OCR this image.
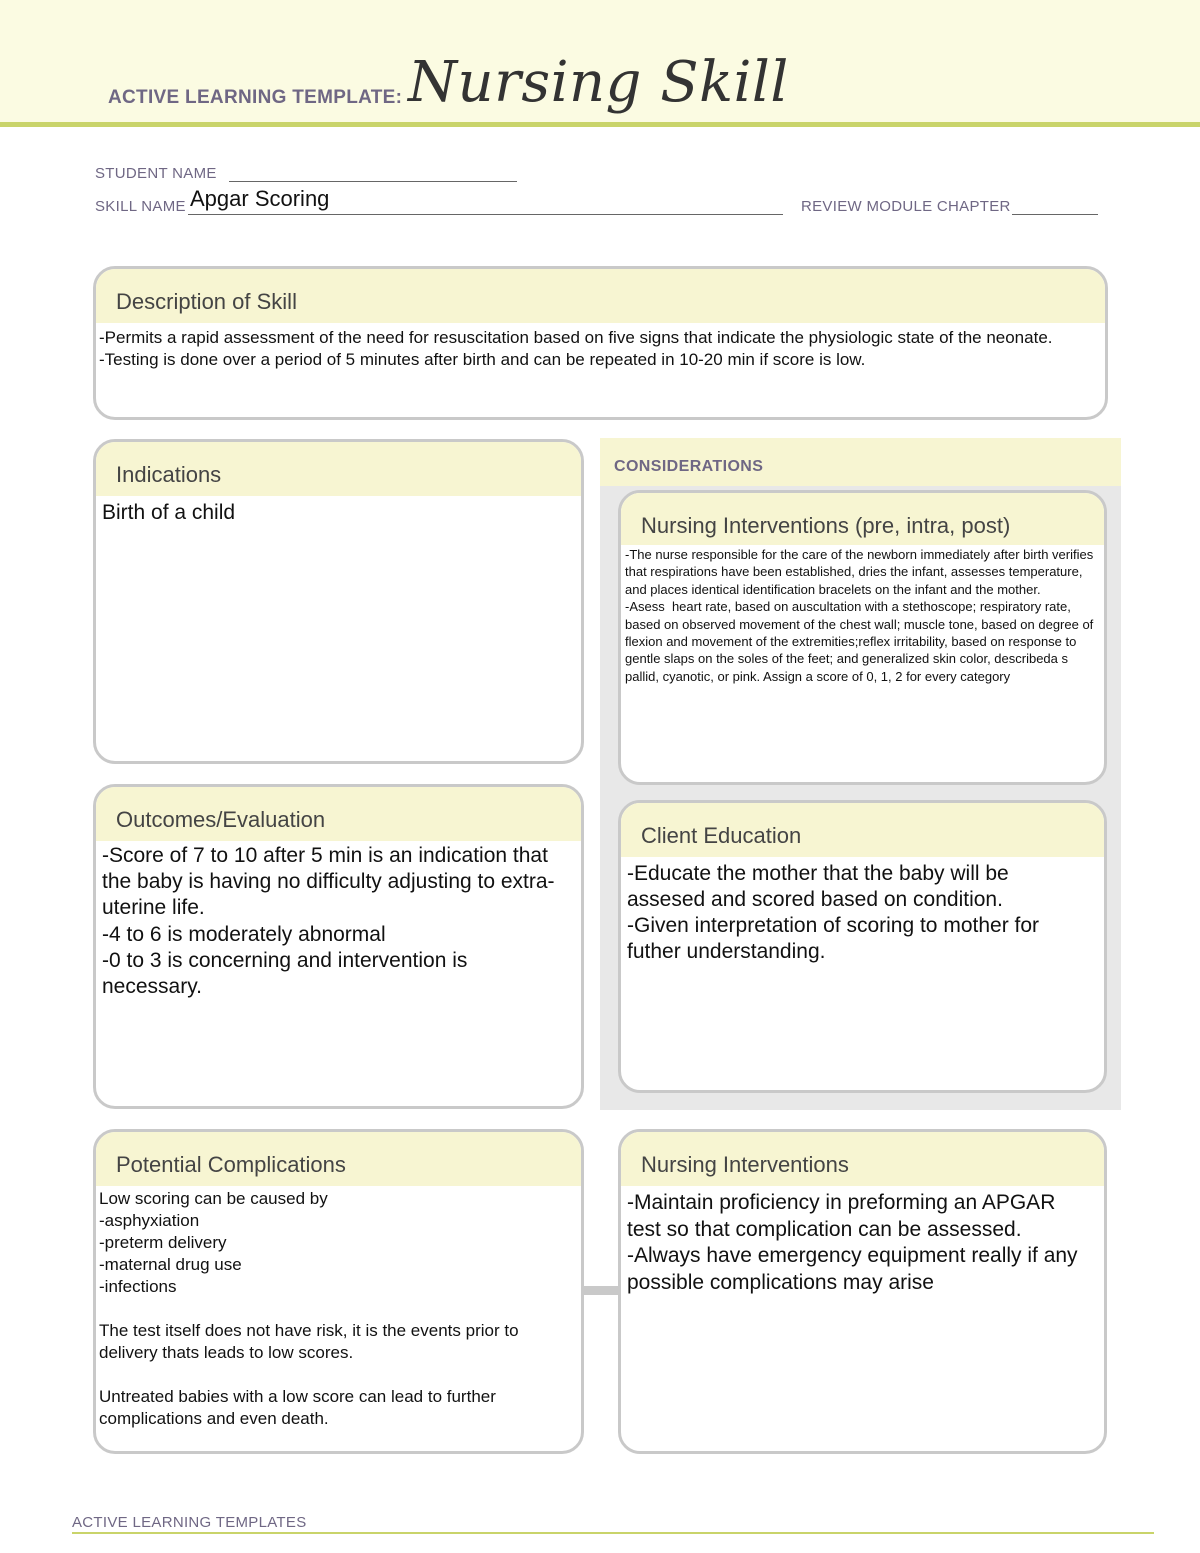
ACTIVE LEARNING TEMPLATE: Nursing Skill
STUDENT NAME
SKILL NAME Apgar Scoring	REVIEW MODULE CHAPTER
Description of Skill
-Permits a rapid assessment of the need for resuscitation based on five signs that indicate the physiologic state of the neonate.
-Testing is done over a period of 5 minutes after birth and can be repeated in 10-20 min if score is low.
Indications
Birth of a child
CONSIDERATIONS
Nursing Interventions (pre, intra, post)
-The nurse responsible for the care of the newborn immediately after birth verifies that respirations have been established, dries the infant, assesses temperature, and places identical identification bracelets on the infant and the mother.
-Asess  heart rate, based on auscultation with a stethoscope; respiratory rate, based on observed movement of the chest wall; muscle tone, based on degree of flexion and movement of the extremities;reflex irritability, based on response to gentle slaps on the soles of the feet; and generalized skin color, describeda s pallid, cyanotic, or pink. Assign a score of 0, 1, 2 for every category
Client Education
-Educate the mother that the baby will be assesed and scored based on condition.
-Given interpretation of scoring to mother for futher understanding.
Outcomes/Evaluation
-Score of 7 to 10 after 5 min is an indication that the baby is having no difficulty adjusting to extra-uterine life.
-4 to 6 is moderately abnormal
-0 to 3 is concerning and intervention is necessary.
Potential Complications
Low scoring can be caused by
-asphyxiation
-preterm delivery
-maternal drug use
-infections

The test itself does not have risk, it is the events prior to delivery thats leads to low scores.

Untreated babies with a low score can lead to further complications and even death.
Nursing Interventions
-Maintain proficiency in preforming an APGAR test so that complication can be assessed.
-Always have emergency equipment really if any possible complications may arise
ACTIVE LEARNING TEMPLATES
